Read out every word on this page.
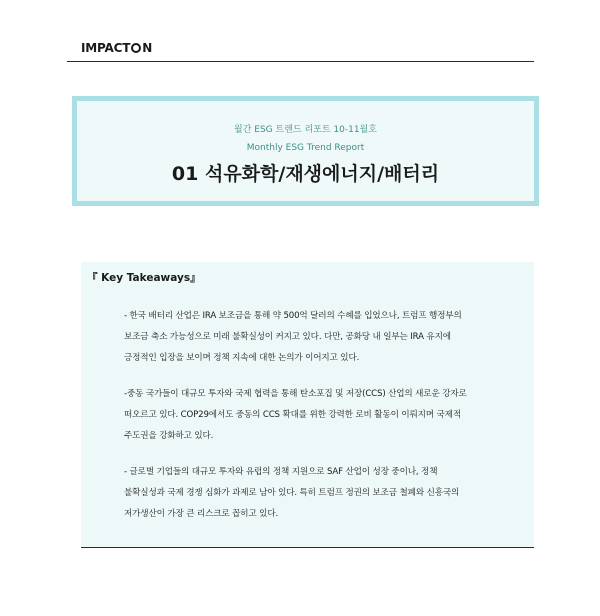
IMPACT N
월간 ESG 트렌드 리포트 10-11월호
Monthly ESG Trend Report
01 석유화학/재생에너지/배터리
『 Key Takeaways』
- 한국 배터리 산업은 IRA 보조금을 통해 약 500억 달러의 수혜를 입었으나, 트럼프 행정부의
보조금 축소 가능성으로 미래 불확실성이 커지고 있다. 다만, 공화당 내 일부는 IRA 유지에
긍정적인 입장을 보이며 정책 지속에 대한 논의가 이어지고 있다.
-중동 국가들이 대규모 투자와 국제 협력을 통해 탄소포집 및 저장(CCS) 산업의 새로운 강자로
떠오르고 있다. COP29에서도 중동의 CCS 확대를 위한 강력한 로비 활동이 이뤄지며 국제적
주도권을 강화하고 있다.
- 글로벌 기업들의 대규모 투자와 유럽의 정책 지원으로 SAF 산업이 성장 중이나, 정책
불확실성과 국제 경쟁 심화가 과제로 남아 있다. 특히 트럼프 정권의 보조금 철폐와 신흥국의
저가생산이 가장 큰 리스크로 꼽히고 있다.
